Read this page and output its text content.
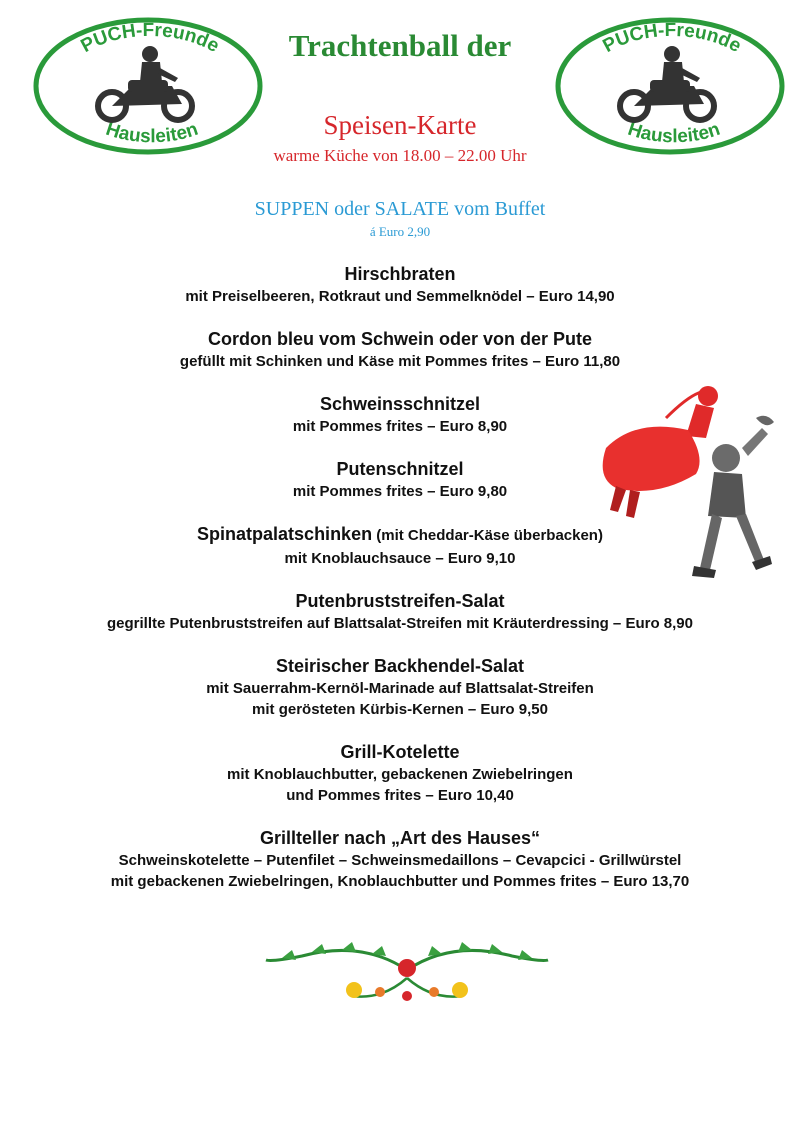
PUCH-Freunde
Hausleiten
PUCH-Freunde
Hausleiten
Trachtenball der
Speisen-Karte
warme Küche von 18.00 – 22.00 Uhr
SUPPEN oder SALATE vom Buffet
á Euro 2,90
Hirschbraten
mit Preiselbeeren, Rotkraut und Semmelknödel – Euro 14,90
Cordon bleu vom Schwein oder von der Pute
gefüllt mit Schinken und Käse mit Pommes frites – Euro 11,80
Schweinsschnitzel
mit Pommes frites – Euro 8,90
Putenschnitzel
mit Pommes frites – Euro 9,80
Spinatpalatschinken (mit Cheddar-Käse überbacken)
mit Knoblauchsauce – Euro 9,10
Putenbruststreifen-Salat
gegrillte Putenbruststreifen auf Blattsalat-Streifen mit Kräuterdressing – Euro 8,90
Steirischer Backhendel-Salat
mit Sauerrahm-Kernöl-Marinade auf Blattsalat-Streifen
mit gerösteten Kürbis-Kernen – Euro 9,50
Grill-Kotelette
mit Knoblauchbutter, gebackenen Zwiebelringen
und Pommes frites – Euro 10,40
Grillteller nach „Art des Hauses“
Schweinskotelette – Putenfilet – Schweinsmedaillons – Cevapcici - Grillwürstel
mit gebackenen Zwiebelringen, Knoblauchbutter und Pommes frites – Euro 13,70
